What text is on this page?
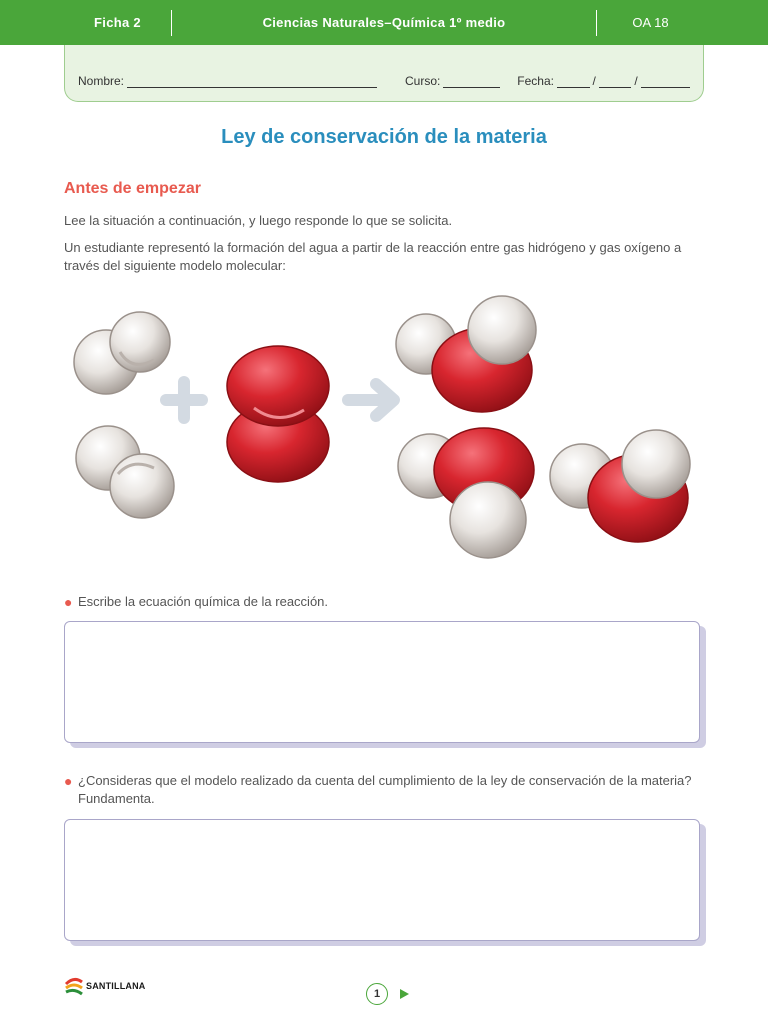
Ficha 2	Ciencias Naturales–Química 1º medio	OA 18
Nombre:	Curso:	Fecha:	/	/
Ley de conservación de la materia
Antes de empezar
Lee la situación a continuación, y luego responde lo que se solicita.
Un estudiante representó la formación del agua a partir de la reacción entre gas hidrógeno y gas oxígeno a través del siguiente modelo molecular:
● Escribe la ecuación química de la reacción.
● ¿Consideras que el modelo realizado da cuenta del cumplimiento de la ley de conservación de la materia? Fundamenta.
SANTILLANA
1
